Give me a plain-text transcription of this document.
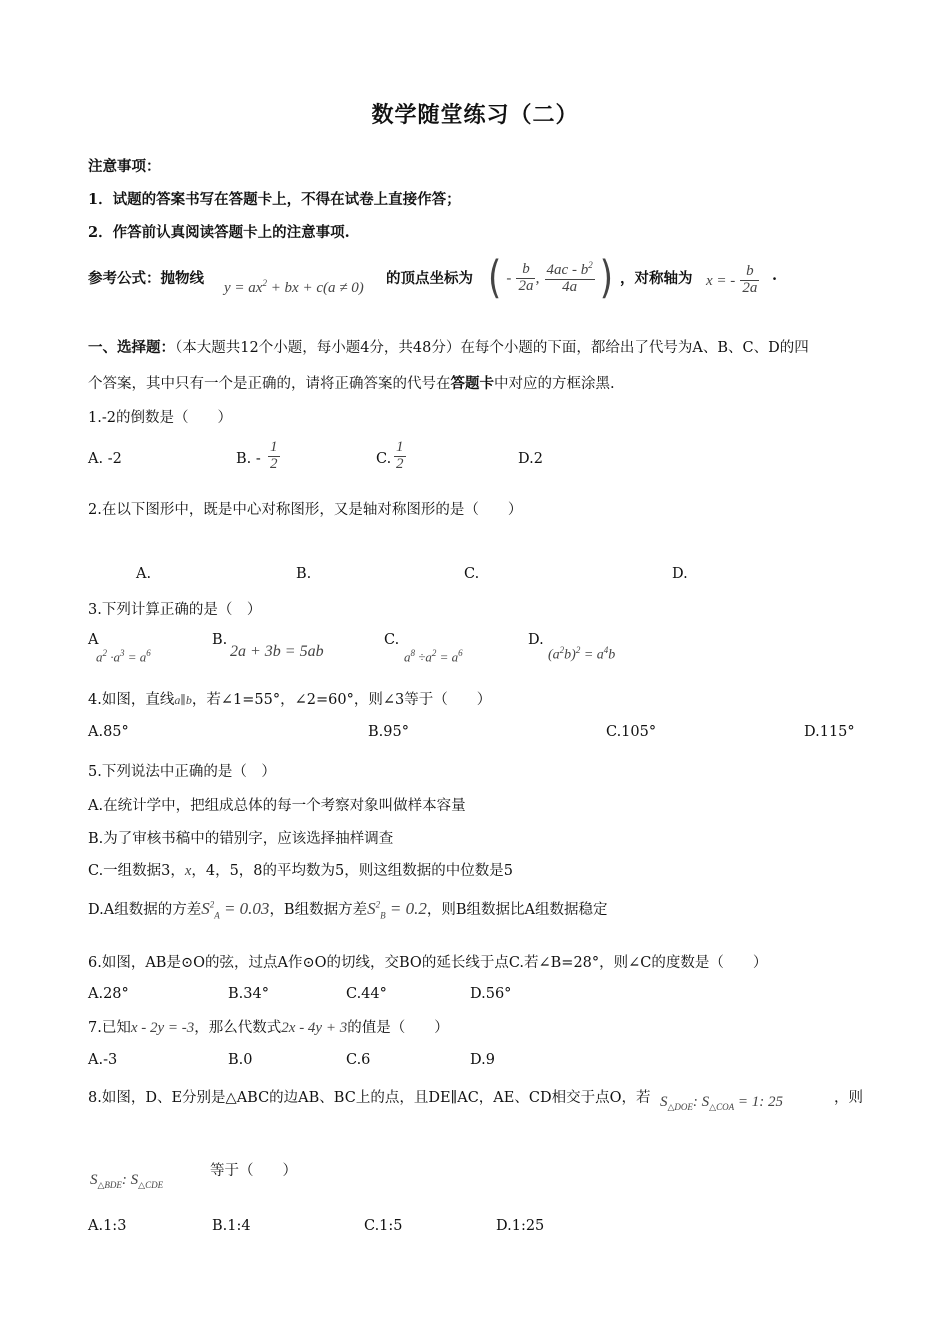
数学随堂练习（二）
注意事项：
1．试题的答案书写在答题卡上，不得在试卷上直接作答；
2．作答前认真阅读答题卡上的注意事项.
参考公式：抛物线
$y = ax^2$ + bx + c(a ≠ 0)
的顶点坐标为 ( - $\frac{b}{2a}$ , $\frac{4ac - b^2}{4a}$ ) ，对称轴为 x = - $\frac{b}{2a}$ .
一、选择题：（本大题共12个小题，每小题4分，共48分）在每个小题的下面，都给出了代号为A、B、C、D的四
个答案，其中只有一个是正确的，请将正确答案的代号在答题卡中对应的方框涂黑.
1.-2的倒数是（　　）
A. -2	B. - $\frac{1}{2}$	C. $\frac{1}{2}$	D.2
2.在以下图形中，既是中心对称图形，又是轴对称图形的是（　　）
A.	B.	C.	D.
3.下列计算正确的是（　）
A
$a^2 \cdot a^3 = a^6$
B.
2a + 3b = 5ab
C.
$a^8 \div a^2 = a^6$
D.
$(a^2b)^2 = a^4b$
4.如图，直线a∥b，若∠1=55°，∠2=60°，则∠3等于（　　）
A.85°	B.95°	C.105°	D.115°
5.下列说法中正确的是（　）
A.在统计学中，把组成总体的每一个考察对象叫做样本容量
B.为了审核书稿中的错别字，应该选择抽样调查
C.一组数据3，x，4，5，8的平均数为5，则这组数据的中位数是5
D.A组数据的方差$S^2_A = 0.03$，B组数据方差$S^2_B = 0.2$，则B组数据比A组数据稳定
6.如图，AB是⊙O的弦，过点A作⊙O的切线，交BO的延长线于点C.若∠B=28°，则∠C的度数是（　　）
A.28°	B.34°	C.44°	D.56°
7.已知x - 2y = -3，那么代数式2x - 4y + 3的值是（　　）
A.-3	B.0	C.6	D.9
8.如图，D、E分别是△ABC的边AB、BC上的点，且DE∥AC，AE、CD相交于点O，若 $S_{\triangle DOE}$: $S_{\triangle COA} = 1$: 25	，则
$S_{\triangle BDE}$: $S_{\triangle CDE}$
等于（　　）
A.1:3	B.1:4	C.1:5	D.1:25
